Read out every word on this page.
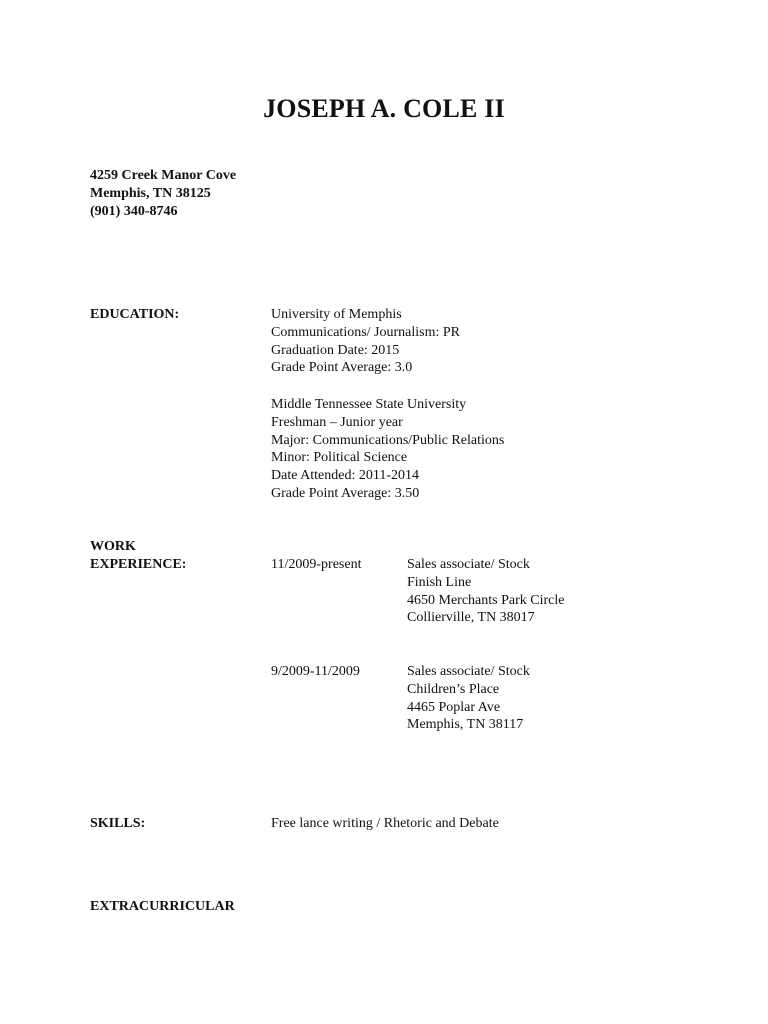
JOSEPH A. COLE II
4259 Creek Manor Cove
Memphis, TN 38125
(901) 340-8746
EDUCATION:	University of Memphis
Communications/ Journalism: PR
Graduation Date: 2015
Grade Point Average: 3.0
Middle Tennessee State University
Freshman – Junior year
Major: Communications/Public Relations
Minor: Political Science
Date Attended: 2011-2014
Grade Point Average: 3.50
WORK
EXPERIENCE:	11/2009-present	Sales associate/ Stock
Finish Line
4650 Merchants Park Circle
Collierville, TN 38017
9/2009-11/2009	Sales associate/ Stock
Children’s Place
4465 Poplar Ave
Memphis, TN 38117
SKILLS:	Free lance writing / Rhetoric and Debate
EXTRACURRICULAR
